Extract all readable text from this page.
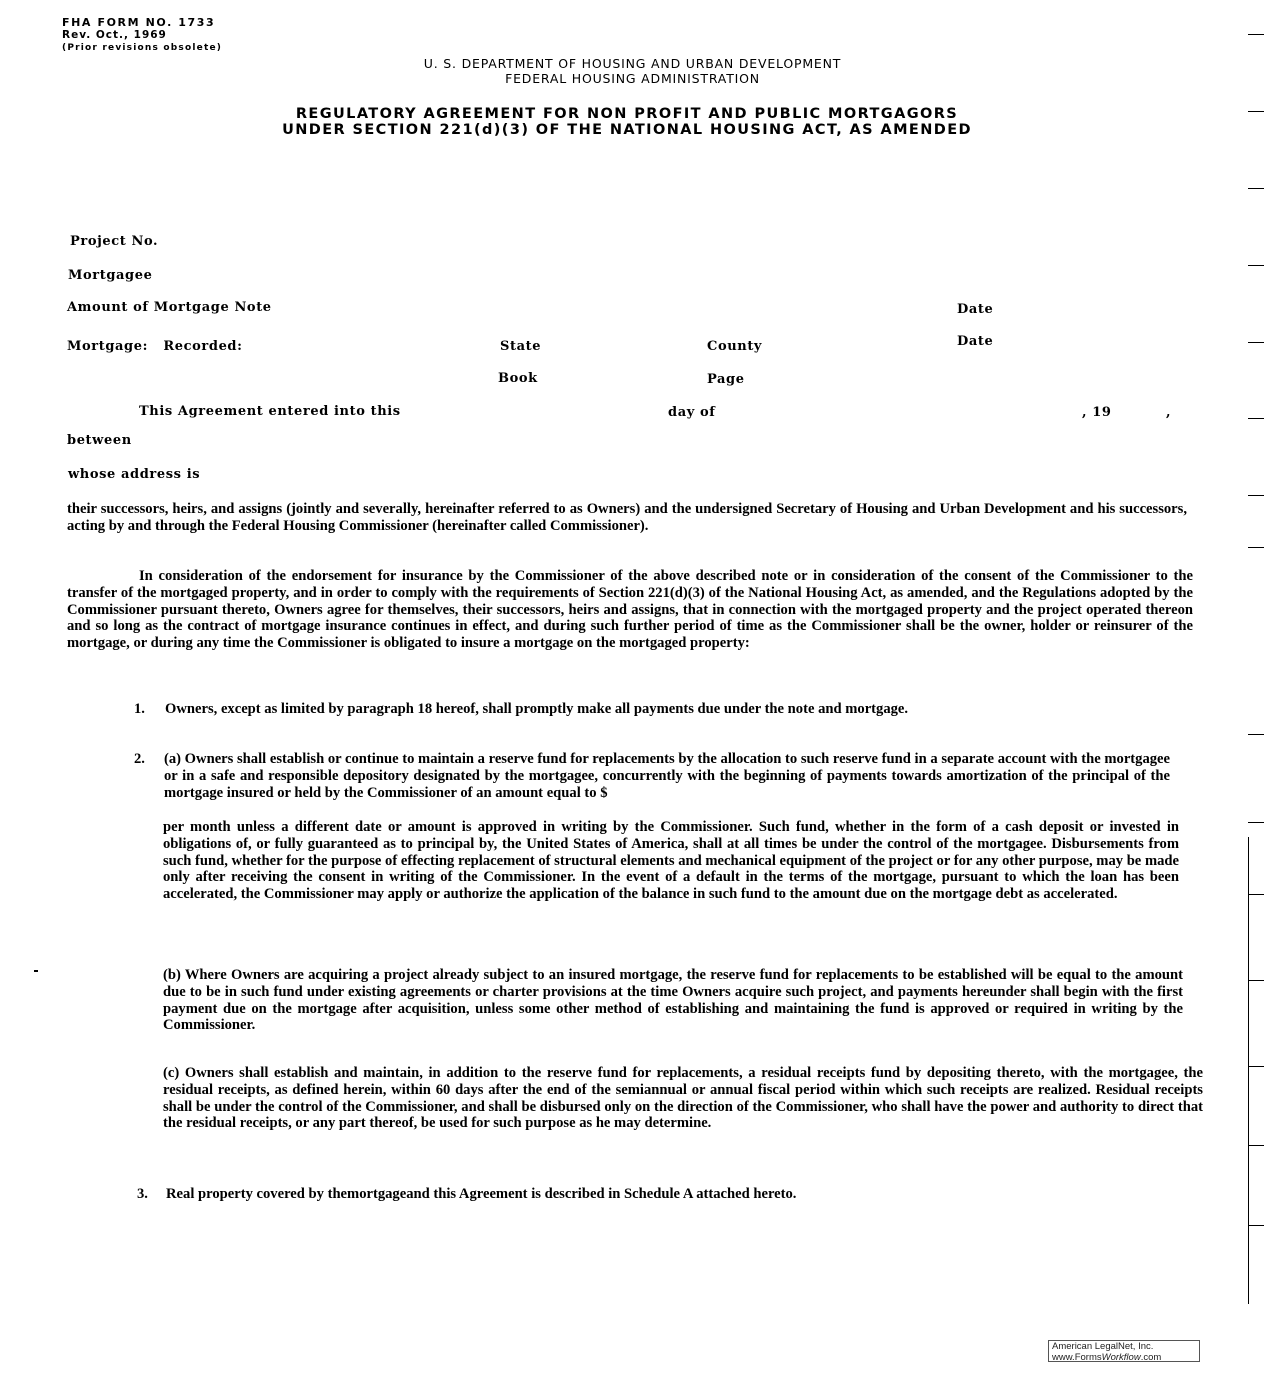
FHA FORM NO. 1733
Rev. Oct., 1969
(Prior revisions obsolete)
U. S. DEPARTMENT OF HOUSING AND URBAN DEVELOPMENT
FEDERAL HOUSING ADMINISTRATION
REGULATORY AGREEMENT FOR NON PROFIT AND PUBLIC MORTGAGORS
UNDER SECTION 221(d)(3) OF THE NATIONAL HOUSING ACT, AS AMENDED
Project No.
Mortgagee
Amount of Mortgage Note	Date
Mortgage:   Recorded:	State	County	Date
Book	Page
This Agreement entered into this	day of	, 19	,
between
whose address is
their successors, heirs, and assigns (jointly and severally, hereinafter referred to as Owners) and the undersigned Secretary of Housing and Urban Development and his successors, acting by and through the Federal Housing Commissioner (hereinafter called Commissioner).
In consideration of the endorsement for insurance by the Commissioner of the above described note or in consideration of the consent of the Commissioner to the transfer of the mortgaged property, and in order to comply with the requirements of Section 221(d)(3) of the National Housing Act, as amended, and the Regulations adopted by the Commissioner pursuant thereto, Owners agree for themselves, their successors, heirs and assigns, that in connection with the mortgaged property and the project operated thereon and so long as the contract of mortgage insurance continues in effect, and during such further period of time as the Commissioner shall be the owner, holder or reinsurer of the mortgage, or during any time the Commissioner is obligated to insure a mortgage on the mortgaged property:
1. Owners, except as limited by paragraph 18 hereof, shall promptly make all payments due under the note and mortgage.
2. (a) Owners shall establish or continue to maintain a reserve fund for replacements by the allocation to such reserve fund in a separate account with the mortgagee or in a safe and responsible depository designated by the mortgagee, concurrently with the beginning of payments towards amortization of the principal of the mortgage insured or held by the Commissioner of an amount equal to $
per month unless a different date or amount is approved in writing by the Commissioner. Such fund, whether in the form of a cash deposit or invested in obligations of, or fully guaranteed as to principal by, the United States of America, shall at all times be under the control of the mortgagee. Disbursements from such fund, whether for the purpose of effecting replacement of structural elements and mechanical equipment of the project or for any other purpose, may be made only after receiving the consent in writing of the Commissioner. In the event of a default in the terms of the mortgage, pursuant to which the loan has been accelerated, the Commissioner may apply or authorize the application of the balance in such fund to the amount due on the mortgage debt as accelerated.
(b) Where Owners are acquiring a project already subject to an insured mortgage, the reserve fund for replacements to be established will be equal to the amount due to be in such fund under existing agreements or charter provisions at the time Owners acquire such project, and payments hereunder shall begin with the first payment due on the mortgage after acquisition, unless some other method of establishing and maintaining the fund is approved or required in writing by the Commissioner.
(c) Owners shall establish and maintain, in addition to the reserve fund for replacements, a residual receipts fund by depositing thereto, with the mortgagee, the residual receipts, as defined herein, within 60 days after the end of the semiannual or annual fiscal period within which such receipts are realized. Residual receipts shall be under the control of the Commissioner, and shall be disbursed only on the direction of the Commissioner, who shall have the power and authority to direct that the residual receipts, or any part thereof, be used for such purpose as he may determine.
3. Real property covered by themortgageand this Agreement is described in Schedule A attached hereto.
American LegalNet, Inc.
www.FormsWorkflow.com
